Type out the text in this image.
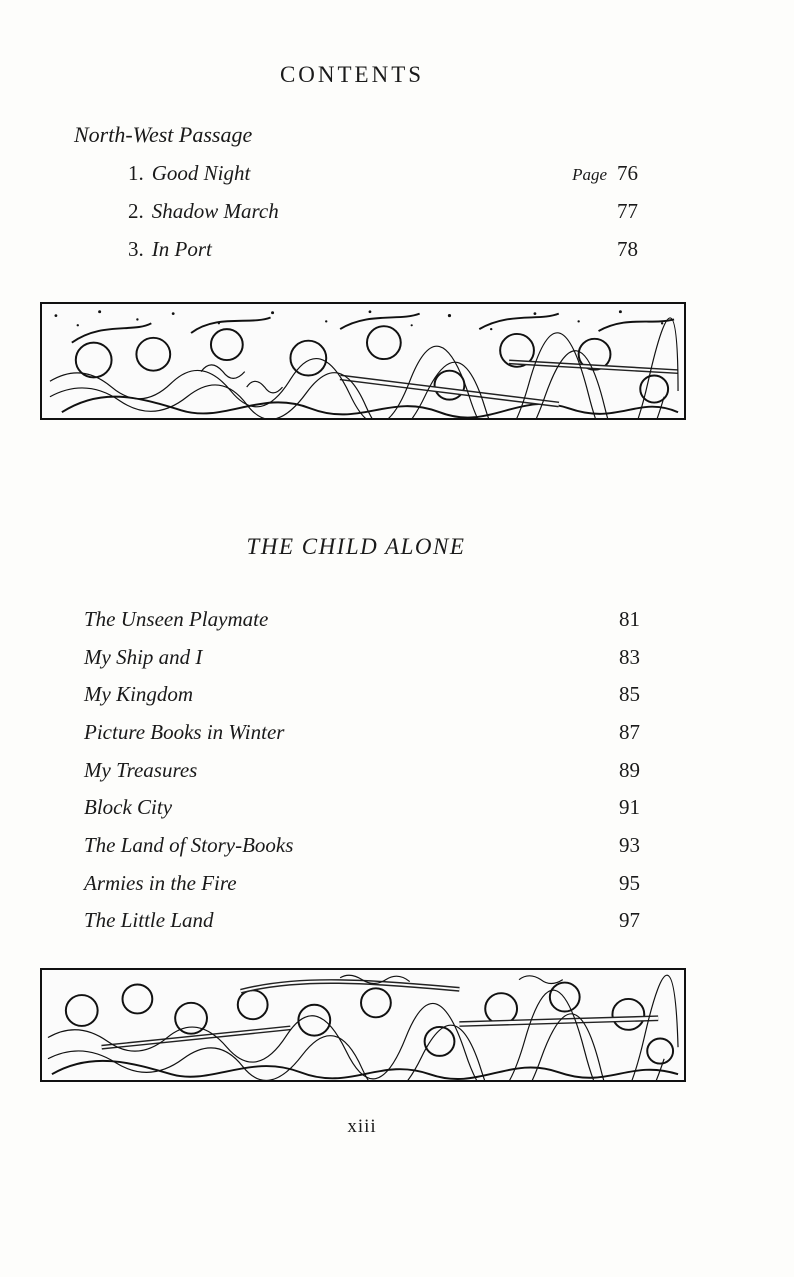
CONTENTS
North-West Passage
1. Good Night	Page 76
2. Shadow March	77
3. In Port	78
THE CHILD ALONE
The Unseen Playmate	81
My Ship and I	83
My Kingdom	85
Picture Books in Winter	87
My Treasures	89
Block City	91
The Land of Story-Books	93
Armies in the Fire	95
The Little Land	97
xiii
